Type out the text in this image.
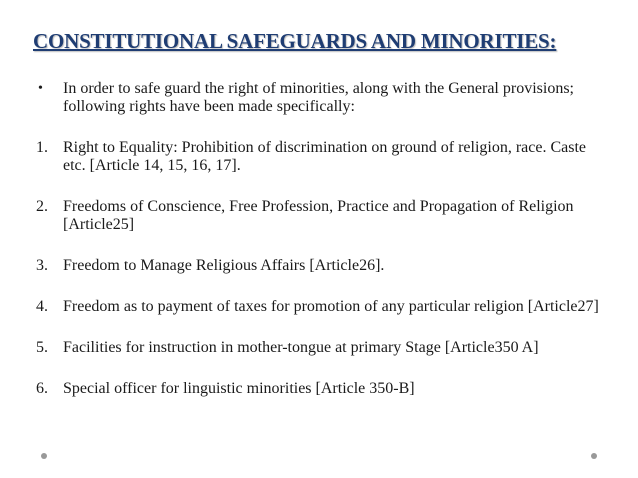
CONSTITUTIONAL SAFEGUARDS AND MINORITIES:
•	In order to safe guard the right of minorities, along with the General provisions; following rights have been made specifically:
1. Right to Equality: Prohibition of discrimination on ground of religion, race. Caste etc. [Article 14, 15, 16, 17].
2. Freedoms of Conscience, Free Profession, Practice and Propagation of Religion [Article25]
3. Freedom to Manage Religious Affairs [Article26].
4. Freedom as to payment of taxes for promotion of any particular religion [Article27]
5. Facilities for instruction in mother-tongue at primary Stage [Article350 A]
6. Special officer for linguistic minorities [Article 350-B]
